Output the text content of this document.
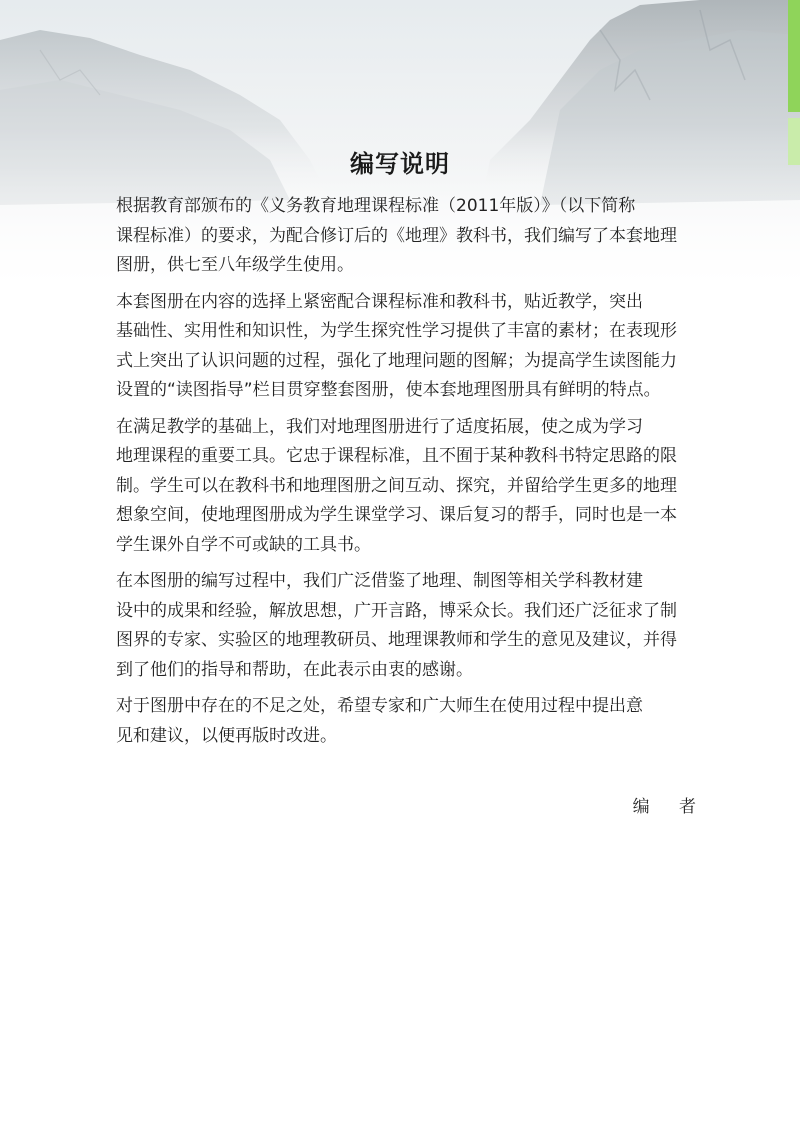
编写说明

根据教育部颁布的《义务教育地理课程标准（2011年版）》（以下简称
课程标准）的要求，为配合修订后的《地理》教科书，我们编写了本套地理
图册，供七至八年级学生使用。

本套图册在内容的选择上紧密配合课程标准和教科书，贴近教学，突出
基础性、实用性和知识性，为学生探究性学习提供了丰富的素材；在表现形
式上突出了认识问题的过程，强化了地理问题的图解；为提高学生读图能力
设置的“读图指导”栏目贯穿整套图册，使本套地理图册具有鲜明的特点。

在满足教学的基础上，我们对地理图册进行了适度拓展，使之成为学习
地理课程的重要工具。它忠于课程标准，且不囿于某种教科书特定思路的限
制。学生可以在教科书和地理图册之间互动、探究，并留给学生更多的地理
想象空间，使地理图册成为学生课堂学习、课后复习的帮手，同时也是一本
学生课外自学不可或缺的工具书。

在本图册的编写过程中，我们广泛借鉴了地理、制图等相关学科教材建
设中的成果和经验，解放思想，广开言路，博采众长。我们还广泛征求了制
图界的专家、实验区的地理教研员、地理课教师和学生的意见及建议，并得
到了他们的指导和帮助，在此表示由衷的感谢。

对于图册中存在的不足之处，希望专家和广大师生在使用过程中提出意
见和建议，以便再版时改进。

编 者
